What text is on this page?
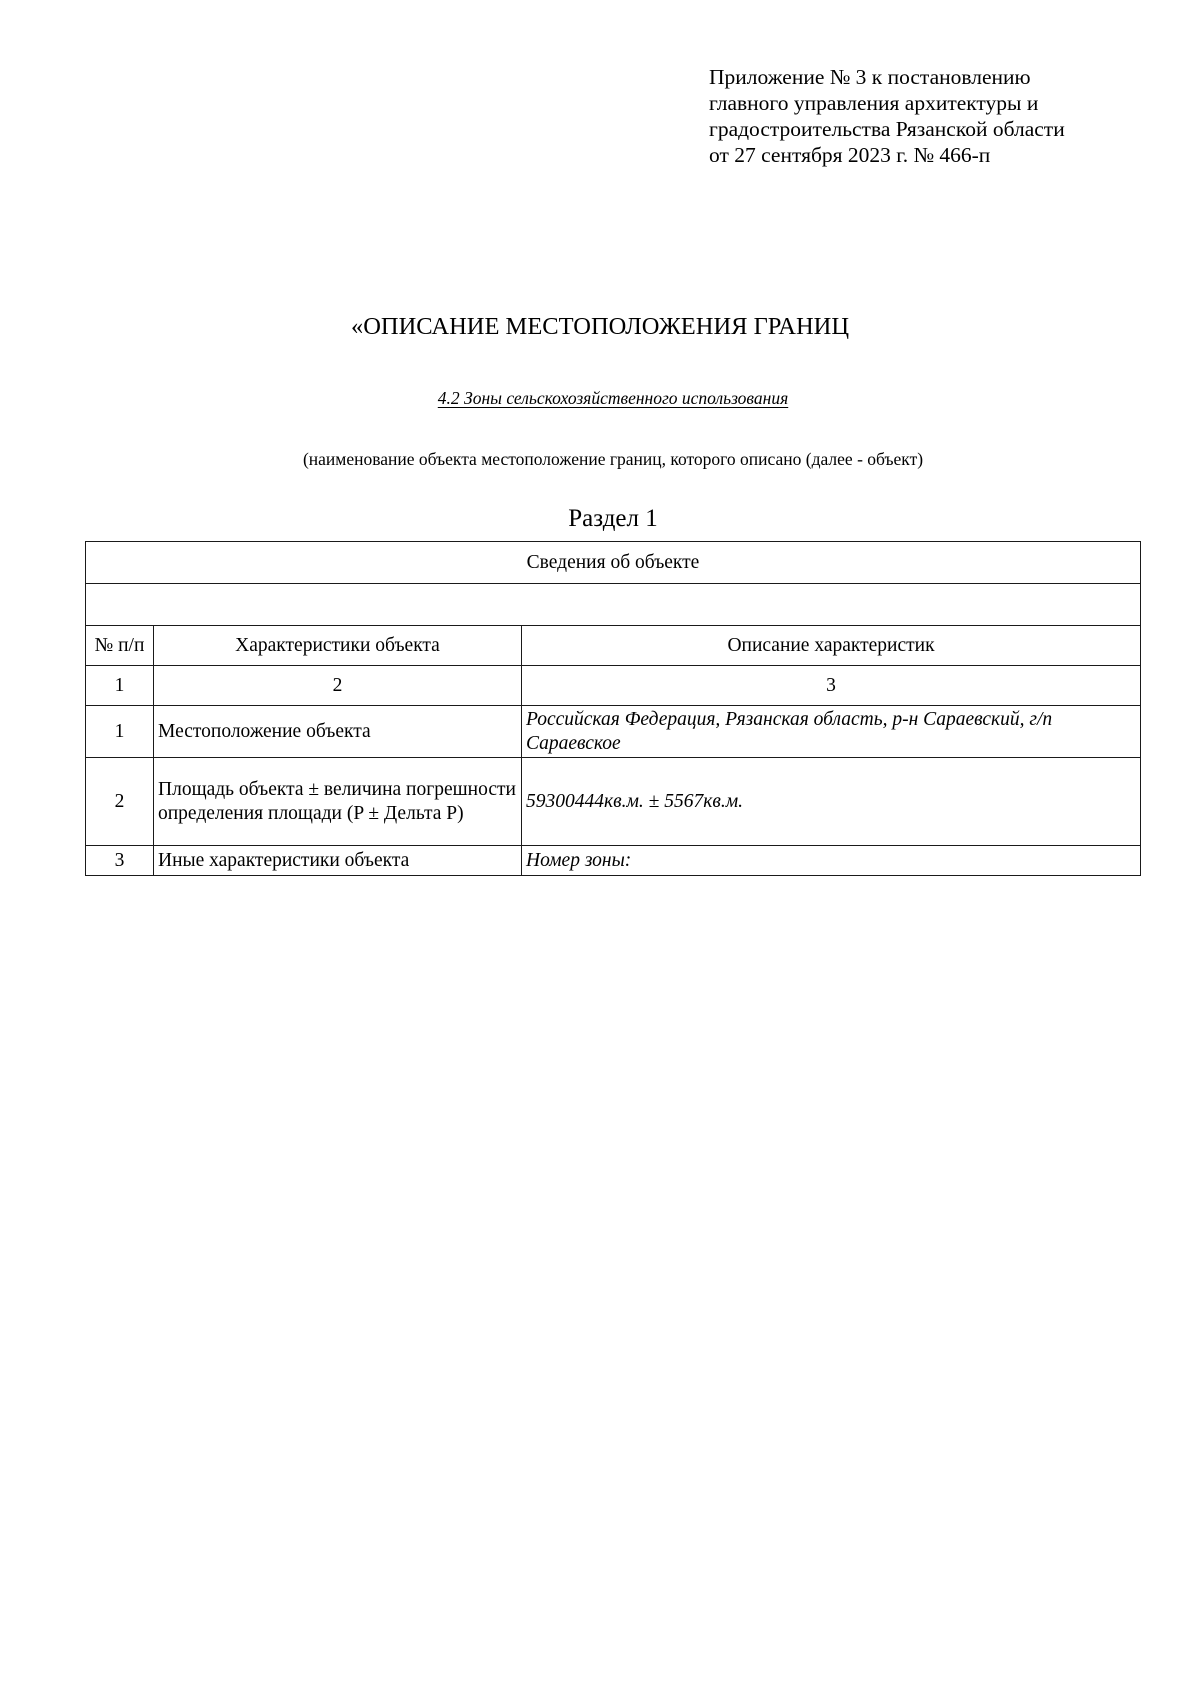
Приложение № 3 к постановлению
главного управления архитектуры и
градостроительства Рязанской области
от 27 сентября 2023 г. № 466-п
«ОПИСАНИЕ МЕСТОПОЛОЖЕНИЯ ГРАНИЦ
4.2 Зоны сельскохозяйственного использования
(наименование объекта местоположение границ, которого описано (далее - объект)
Раздел 1
Сведения об объекте		

№ п/п	Характеристики объекта	Описание характеристик
1	2	3
1	Местоположение объекта	Российская Федерация, Рязанская область, р-н Сараевский, г/п Сараевское
2	Площадь объекта ± величина погрешности определения площади (P ± Дельта P)	59300444кв.м. ± 5567кв.м.
3	Иные характеристики объекта	Номер зоны:
